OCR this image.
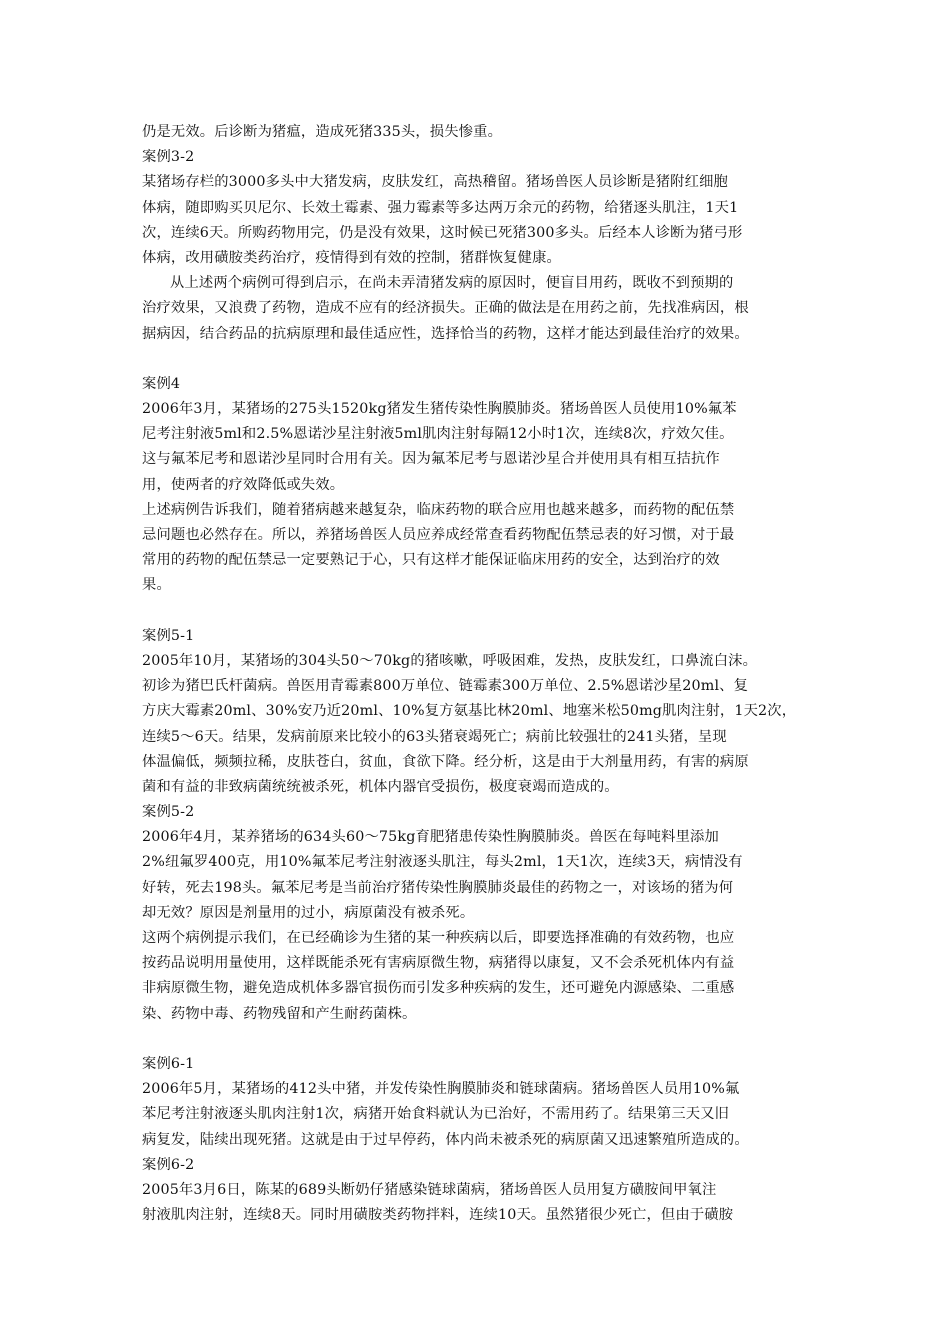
仍是无效。后诊断为猪瘟，造成死猪335头，损失惨重。
案例3-2
某猪场存栏的3000多头中大猪发病，皮肤发红，高热稽留。猪场兽医人员诊断是猪附红细胞
体病，随即购买贝尼尔、长效土霉素、强力霉素等多达两万余元的药物，给猪逐头肌注，1天1
次，连续6天。所购药物用完，仍是没有效果，这时候已死猪300多头。后经本人诊断为猪弓形
体病，改用磺胺类药治疗，疫情得到有效的控制，猪群恢复健康。
从上述两个病例可得到启示，在尚未弄清猪发病的原因时，便盲目用药，既收不到预期的
治疗效果，又浪费了药物，造成不应有的经济损失。正确的做法是在用药之前，先找准病因，根
据病因，结合药品的抗病原理和最佳适应性，选择恰当的药物，这样才能达到最佳治疗的效果。
案例4
2006年3月，某猪场的275头1520kg猪发生猪传染性胸膜肺炎。猪场兽医人员使用10%氟苯
尼考注射液5ml和2.5%恩诺沙星注射液5ml肌肉注射每隔12小时1次，连续8次，疗效欠佳。
这与氟苯尼考和恩诺沙星同时合用有关。因为氟苯尼考与恩诺沙星合并使用具有相互拮抗作
用，使两者的疗效降低或失效。
上述病例告诉我们，随着猪病越来越复杂，临床药物的联合应用也越来越多，而药物的配伍禁
忌问题也必然存在。所以，养猪场兽医人员应养成经常查看药物配伍禁忌表的好习惯，对于最
常用的药物的配伍禁忌一定要熟记于心，只有这样才能保证临床用药的安全，达到治疗的效
果。
案例5-1
2005年10月，某猪场的304头50～70kg的猪咳嗽，呼吸困难，发热，皮肤发红，口鼻流白沫。
初诊为猪巴氏杆菌病。兽医用青霉素800万单位、链霉素300万单位、2.5%恩诺沙星20ml、复
方庆大霉素20ml、30%安乃近20ml、10%复方氨基比林20ml、地塞米松50mg肌肉注射，1天2次，
连续5～6天。结果，发病前原来比较小的63头猪衰竭死亡；病前比较强壮的241头猪，呈现
体温偏低，频频拉稀，皮肤苍白，贫血，食欲下降。经分析，这是由于大剂量用药，有害的病原
菌和有益的非致病菌统统被杀死，机体内器官受损伤，极度衰竭而造成的。
案例5-2
2006年4月，某养猪场的634头60～75kg育肥猪患传染性胸膜肺炎。兽医在每吨料里添加
2%纽氟罗400克，用10%氟苯尼考注射液逐头肌注，每头2ml，1天1次，连续3天，病情没有
好转，死去198头。氟苯尼考是当前治疗猪传染性胸膜肺炎最佳的药物之一，对该场的猪为何
却无效？原因是剂量用的过小，病原菌没有被杀死。
这两个病例提示我们，在已经确诊为生猪的某一种疾病以后，即要选择准确的有效药物，也应
按药品说明用量使用，这样既能杀死有害病原微生物，病猪得以康复，又不会杀死机体内有益
非病原微生物，避免造成机体多器官损伤而引发多种疾病的发生，还可避免内源感染、二重感
染、药物中毒、药物残留和产生耐药菌株。
案例6-1
2006年5月，某猪场的412头中猪，并发传染性胸膜肺炎和链球菌病。猪场兽医人员用10%氟
苯尼考注射液逐头肌肉注射1次，病猪开始食料就认为已治好，不需用药了。结果第三天又旧
病复发，陆续出现死猪。这就是由于过早停药，体内尚未被杀死的病原菌又迅速繁殖所造成的。
案例6-2
2005年3月6日，陈某的689头断奶仔猪感染链球菌病，猪场兽医人员用复方磺胺间甲氧注
射液肌肉注射，连续8天。同时用磺胺类药物拌料，连续10天。虽然猪很少死亡，但由于磺胺
